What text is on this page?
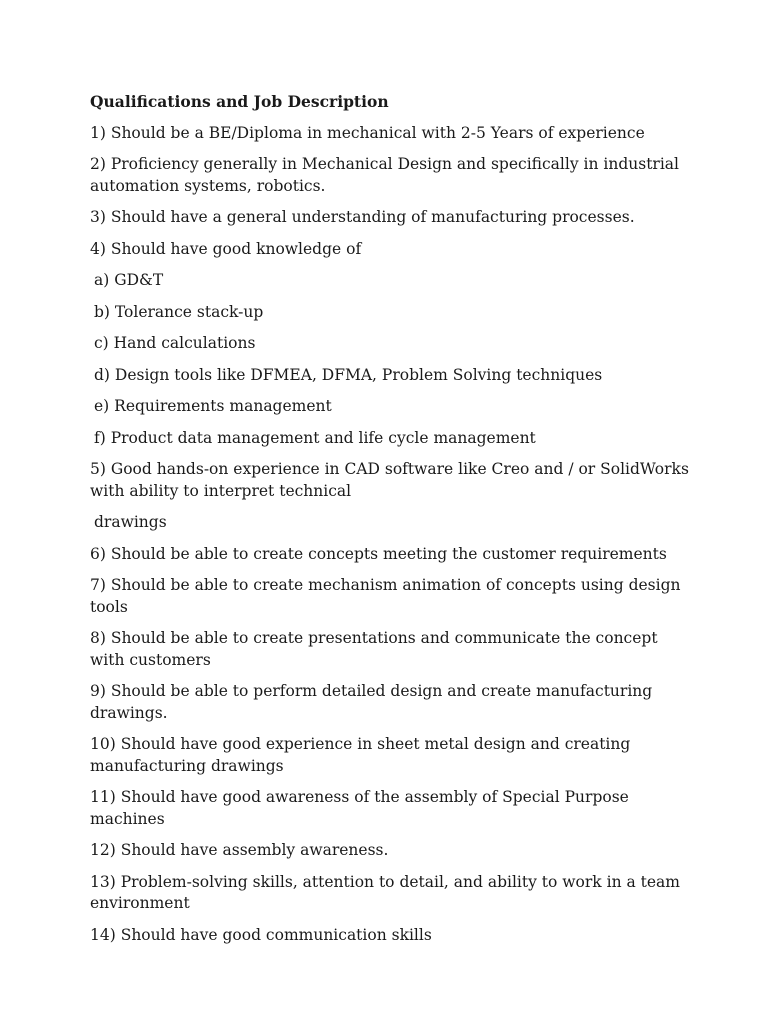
Qualifications and Job Description

1) Should be a BE/Diploma in mechanical with 2-5 Years of experience

2) Proficiency generally in Mechanical Design and specifically in industrial automation systems, robotics.

3) Should have a general understanding of manufacturing processes.

4) Should have good knowledge of

a) GD&T

b) Tolerance stack-up

c) Hand calculations

d) Design tools like DFMEA, DFMA, Problem Solving techniques

e) Requirements management

f) Product data management and life cycle management

5) Good hands-on experience in CAD software like Creo and / or SolidWorks with ability to interpret technical

drawings

6) Should be able to create concepts meeting the customer requirements

7) Should be able to create mechanism animation of concepts using design tools

8) Should be able to create presentations and communicate the concept with customers

9) Should be able to perform detailed design and create manufacturing drawings.

10) Should have good experience in sheet metal design and creating manufacturing drawings

11) Should have good awareness of the assembly of Special Purpose machines

12) Should have assembly awareness.

13) Problem-solving skills, attention to detail, and ability to work in a team environment

14) Should have good communication skills
